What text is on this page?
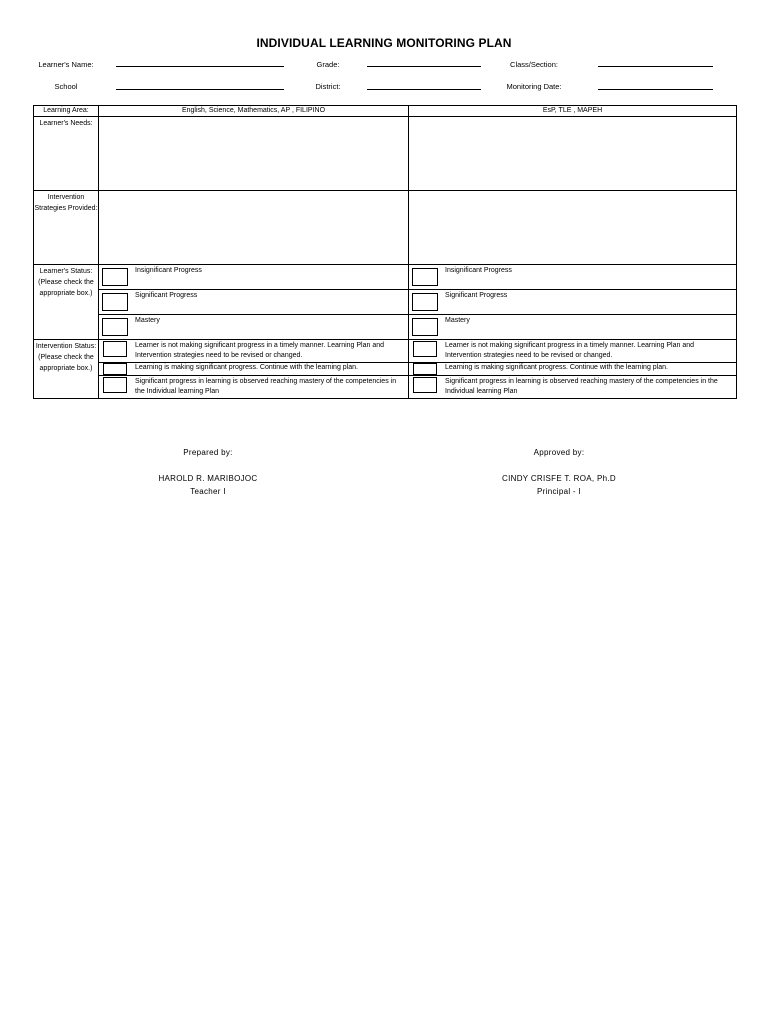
INDIVIDUAL LEARNING MONITORING PLAN
Learner's Name:
School
Grade:
District:
Class/Section:
Monitoring Date:
Learning Area:	English, Science, Mathematics, AP , FILIPINO	EsP, TLE , MAPEH
Learner's Needs:		
Intervention Strategies Provided:		
Learner's Status: (Please check the appropriate box.)	Insignificant Progress	Insignificant Progress

	Significant Progress	Significant Progress

	Mastery	Mastery

Intervention Status: (Please check the appropriate box.)	Learner is not making significant progress in a timely manner. Learning Plan and Intervention strategies need to be revised or changed.	Learner is not making significant progress in a timely manner. Learning Plan and Intervention strategies need to be revised or changed.

	Learning is making significant progress. Continue with the learning plan.	Learning is making significant progress. Continue with the learning plan.

	Significant progress in learning is observed reaching mastery of the competencies in the Individual learning Plan	Significant progress in learning is observed reaching mastery of the competencies in the Individual learning Plan
Prepared by:
HAROLD R. MARIBOJOC
Teacher I
Approved by:
CINDY CRISFE T. ROA, Ph.D
Principal - I
